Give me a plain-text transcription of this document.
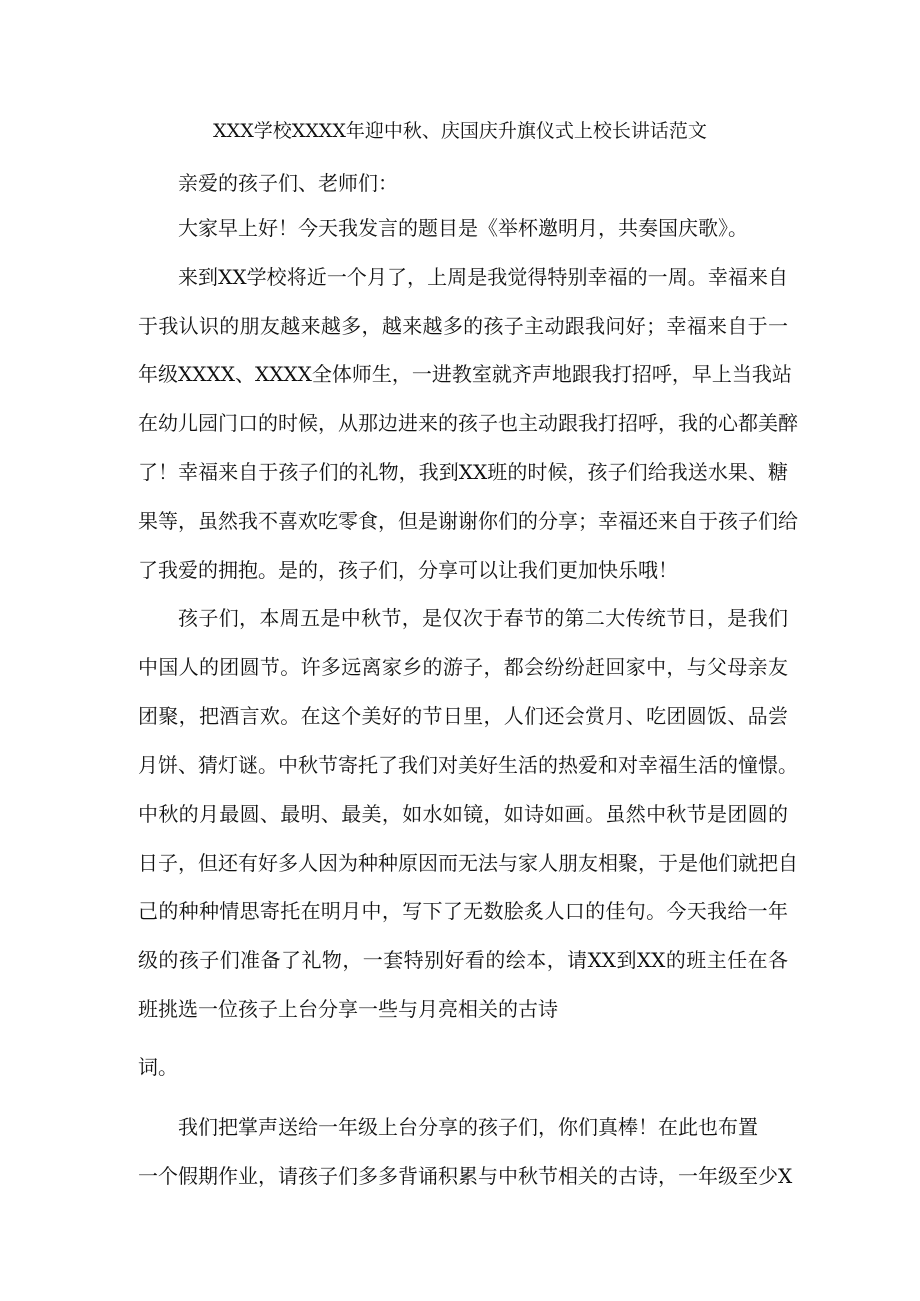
XXX学校XXXX年迎中秋、庆国庆升旗仪式上校长讲话范文
亲爱的孩子们、老师们：
大家早上好！今天我发言的题目是《举杯邀明月，共奏国庆歌》。
来到XX学校将近一个月了，上周是我觉得特别幸福的一周。幸福来自
于我认识的朋友越来越多，越来越多的孩子主动跟我问好；幸福来自于一
年级XXXX、XXXX全体师生，一进教室就齐声地跟我打招呼，早上当我站
在幼儿园门口的时候，从那边进来的孩子也主动跟我打招呼，我的心都美醉
了！幸福来自于孩子们的礼物，我到XX班的时候，孩子们给我送水果、糖
果等，虽然我不喜欢吃零食，但是谢谢你们的分享；幸福还来自于孩子们给
了我爱的拥抱。是的，孩子们，分享可以让我们更加快乐哦！
孩子们，本周五是中秋节，是仅次于春节的第二大传统节日，是我们
中国人的团圆节。许多远离家乡的游子，都会纷纷赶回家中，与父母亲友
团聚，把酒言欢。在这个美好的节日里，人们还会赏月、吃团圆饭、品尝
月饼、猜灯谜。中秋节寄托了我们对美好生活的热爱和对幸福生活的憧憬。
中秋的月最圆、最明、最美，如水如镜，如诗如画。虽然中秋节是团圆的
日子，但还有好多人因为种种原因而无法与家人朋友相聚，于是他们就把自
己的种种情思寄托在明月中，写下了无数脍炙人口的佳句。今天我给一年
级的孩子们准备了礼物，一套特别好看的绘本，请XX到XX的班主任在各
班挑选一位孩子上台分享一些与月亮相关的古诗
词。
我们把掌声送给一年级上台分享的孩子们，你们真棒！在此也布置
一个假期作业，请孩子们多多背诵积累与中秋节相关的古诗，一年级至少X
